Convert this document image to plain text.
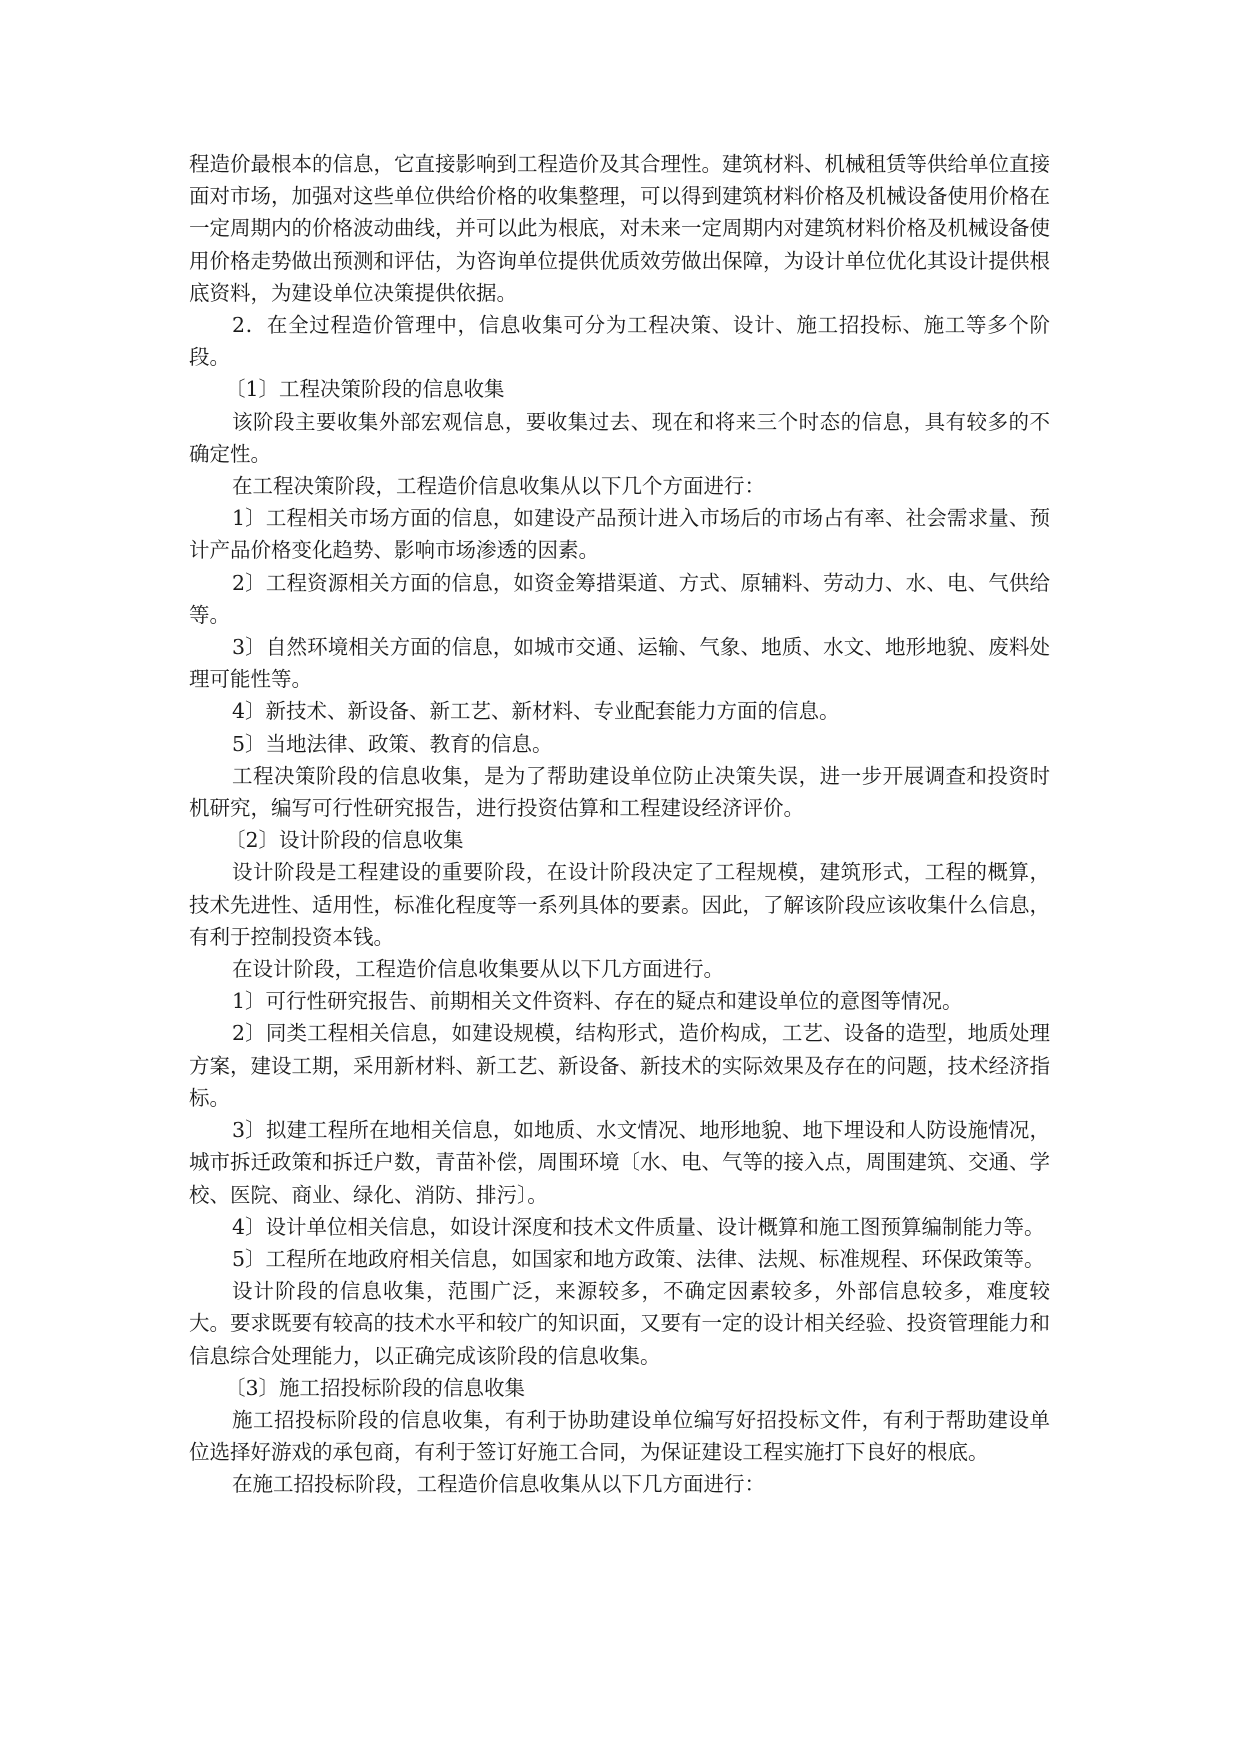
程造价最根本的信息，它直接影响到工程造价及其合理性。建筑材料、机械租赁等供给单位直接面对市场，加强对这些单位供给价格的收集整理，可以得到建筑材料价格及机械设备使用价格在一定周期内的价格波动曲线，并可以此为根底，对未来一定周期内对建筑材料价格及机械设备使用价格走势做出预测和评估，为咨询单位提供优质效劳做出保障，为设计单位优化其设计提供根底资料，为建设单位决策提供依据。

2．在全过程造价管理中，信息收集可分为工程决策、设计、施工招投标、施工等多个阶段。

〔1〕工程决策阶段的信息收集

该阶段主要收集外部宏观信息，要收集过去、现在和将来三个时态的信息，具有较多的不确定性。

在工程决策阶段，工程造价信息收集从以下几个方面进行：

1〕工程相关市场方面的信息，如建设产品预计进入市场后的市场占有率、社会需求量、预计产品价格变化趋势、影响市场渗透的因素。

2〕工程资源相关方面的信息，如资金筹措渠道、方式、原辅料、劳动力、水、电、气供给等。

3〕自然环境相关方面的信息，如城市交通、运输、气象、地质、水文、地形地貌、废料处理可能性等。

4〕新技术、新设备、新工艺、新材料、专业配套能力方面的信息。

5〕当地法律、政策、教育的信息。

工程决策阶段的信息收集，是为了帮助建设单位防止决策失误，进一步开展调查和投资时机研究，编写可行性研究报告，进行投资估算和工程建设经济评价。

〔2〕设计阶段的信息收集

设计阶段是工程建设的重要阶段，在设计阶段决定了工程规模，建筑形式，工程的概算，技术先进性、适用性，标准化程度等一系列具体的要素。因此，了解该阶段应该收集什么信息，有利于控制投资本钱。

在设计阶段，工程造价信息收集要从以下几方面进行。

1〕可行性研究报告、前期相关文件资料、存在的疑点和建设单位的意图等情况。

2〕同类工程相关信息，如建设规模，结构形式，造价构成，工艺、设备的造型，地质处理方案，建设工期，采用新材料、新工艺、新设备、新技术的实际效果及存在的问题，技术经济指标。

3〕拟建工程所在地相关信息，如地质、水文情况、地形地貌、地下埋设和人防设施情况，城市拆迁政策和拆迁户数，青苗补偿，周围环境〔水、电、气等的接入点，周围建筑、交通、学校、医院、商业、绿化、消防、排污〕。

4〕设计单位相关信息，如设计深度和技术文件质量、设计概算和施工图预算编制能力等。

5〕工程所在地政府相关信息，如国家和地方政策、法律、法规、标准规程、环保政策等。

设计阶段的信息收集，范围广泛，来源较多，不确定因素较多，外部信息较多，难度较大。要求既要有较高的技术水平和较广的知识面，又要有一定的设计相关经验、投资管理能力和信息综合处理能力，以正确完成该阶段的信息收集。

〔3〕施工招投标阶段的信息收集

施工招投标阶段的信息收集，有利于协助建设单位编写好招投标文件，有利于帮助建设单位选择好游戏的承包商，有利于签订好施工合同，为保证建设工程实施打下良好的根底。

在施工招投标阶段，工程造价信息收集从以下几方面进行：
